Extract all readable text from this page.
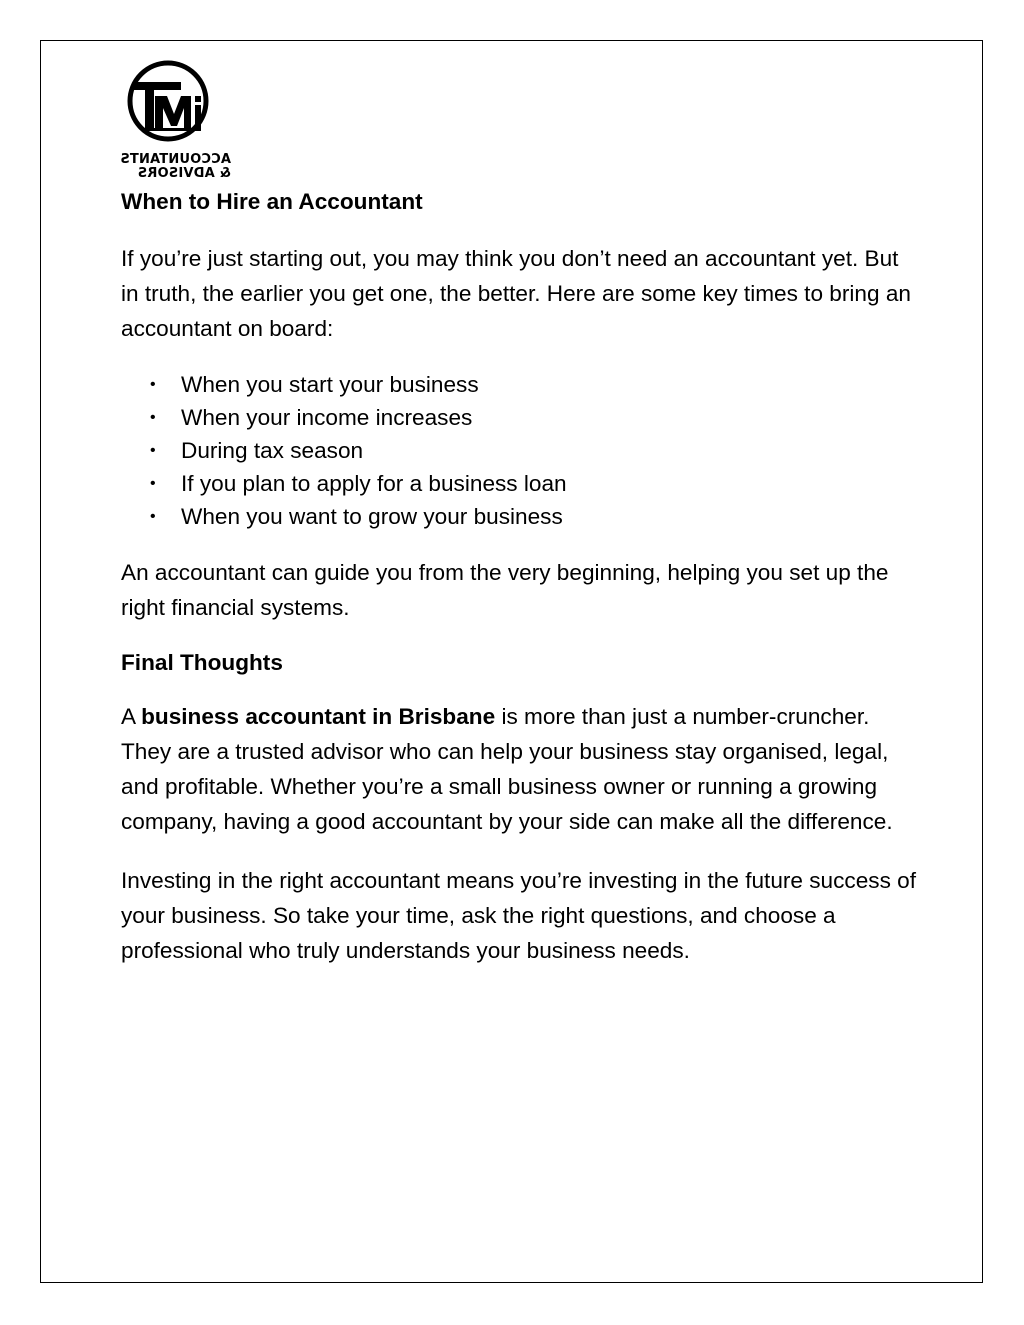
ACCOUNTANTS
& ADVISORS
When to Hire an Accountant

If you’re just starting out, you may think you don’t need an accountant yet. But in truth, the earlier you get one, the better. Here are some key times to bring an accountant on board:

• When you start your business
• When your income increases
• During tax season
• If you plan to apply for a business loan
• When you want to grow your business

An accountant can guide you from the very beginning, helping you set up the right financial systems.

Final Thoughts

A business accountant in Brisbane is more than just a number-cruncher. They are a trusted advisor who can help your business stay organised, legal, and profitable. Whether you’re a small business owner or running a growing company, having a good accountant by your side can make all the difference.

Investing in the right accountant means you’re investing in the future success of your business. So take your time, ask the right questions, and choose a professional who truly understands your business needs.
